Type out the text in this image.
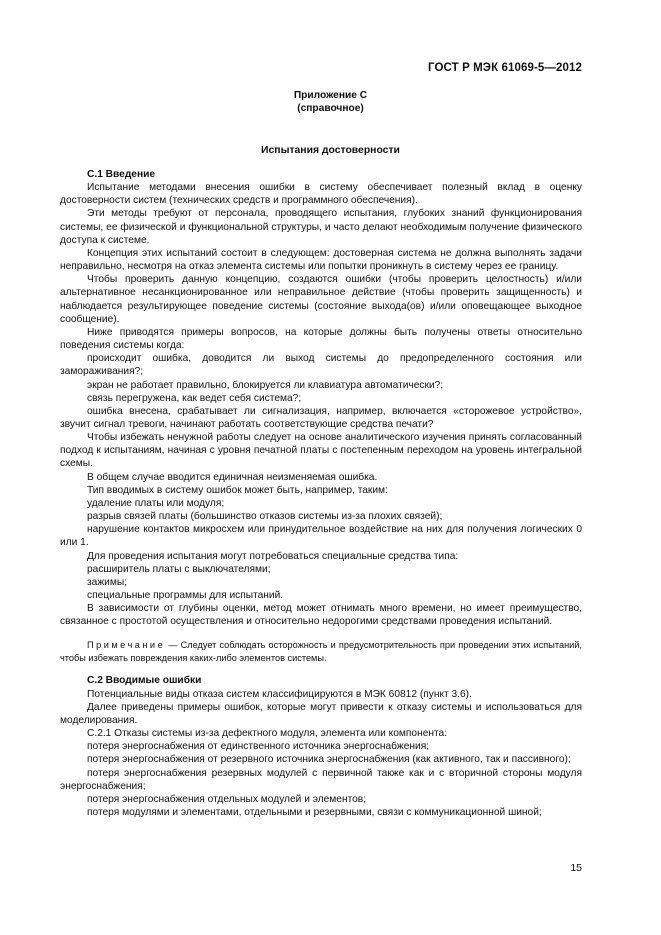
ГОСТ Р МЭК 61069-5—2012
Приложение С
(справочное)
Испытания достоверности

С.1 Введение

Испытание методами внесения ошибки в систему обеспечивает полезный вклад в оценку достоверности систем (технических средств и программного обеспечения).

Эти методы требуют от персонала, проводящего испытания, глубоких знаний функционирования системы, ее физической и функциональной структуры, и часто делают необходимым получение физического доступа к системе.

Концепция этих испытаний состоит в следующем: достоверная система не должна выполнять задачи неправильно, несмотря на отказ элемента системы или попытки проникнуть в систему через ее границу.

Чтобы проверить данную концепцию, создаются ошибки (чтобы проверить целостность) и/или альтернативное несанкционированное или неправильное действие (чтобы проверить защищенность) и наблюдается результирующее поведение системы (состояние выхода(ов) и/или оповещающее выходное сообщение).

Ниже приводятся примеры вопросов, на которые должны быть получены ответы относительно поведения системы когда:

происходит ошибка, доводится ли выход системы до предопределенного состояния или замораживания?;

экран не работает правильно, блокируется ли клавиатура автоматически?;

связь перегружена, как ведет себя система?;

ошибка внесена, срабатывает ли сигнализация, например, включается «сторожевое устройство», звучит сигнал тревоги, начинают работать соответствующие средства печати?

Чтобы избежать ненужной работы следует на основе аналитического изучения принять согласованный подход к испытаниям, начиная с уровня печатной платы с постепенным переходом на уровень интегральной схемы.

В общем случае вводится единичная неизменяемая ошибка.

Тип вводимых в систему ошибок может быть, например, таким:

удаление платы или модуля;

разрыв связей платы (большинство отказов системы из-за плохих связей);

нарушение контактов микросхем или принудительное воздействие на них для получения логических 0 или 1.

Для проведения испытания могут потребоваться специальные средства типа:

расширитель платы с выключателями;

зажимы;

специальные программы для испытаний.

В зависимости от глубины оценки, метод может отнимать много времени, но имеет преимущество, связанное с простотой осуществления и относительно недорогими средствами проведения испытаний.

Примечание — Следует соблюдать осторожность и предусмотрительность при проведении этих испытаний, чтобы избежать повреждения каких-либо элементов системы.

С.2 Вводимые ошибки

Потенциальные виды отказа систем классифицируются в МЭК 60812 (пункт 3.6).

Далее приведены примеры ошибок, которые могут привести к отказу системы и использоваться для моделирования.

С.2.1 Отказы системы из-за дефектного модуля, элемента или компонента:

потеря энергоснабжения от единственного источника энергоснабжения;

потеря энергоснабжения от резервного источника энергоснабжения (как активного, так и пассивного);

потеря энергоснабжения резервных модулей с первичной также как и с вторичной стороны модуля энергоснабжения;

потеря энергоснабжения отдельных модулей и элементов;

потеря модулями и элементами, отдельными и резервными, связи с коммуникационной шиной;

15
